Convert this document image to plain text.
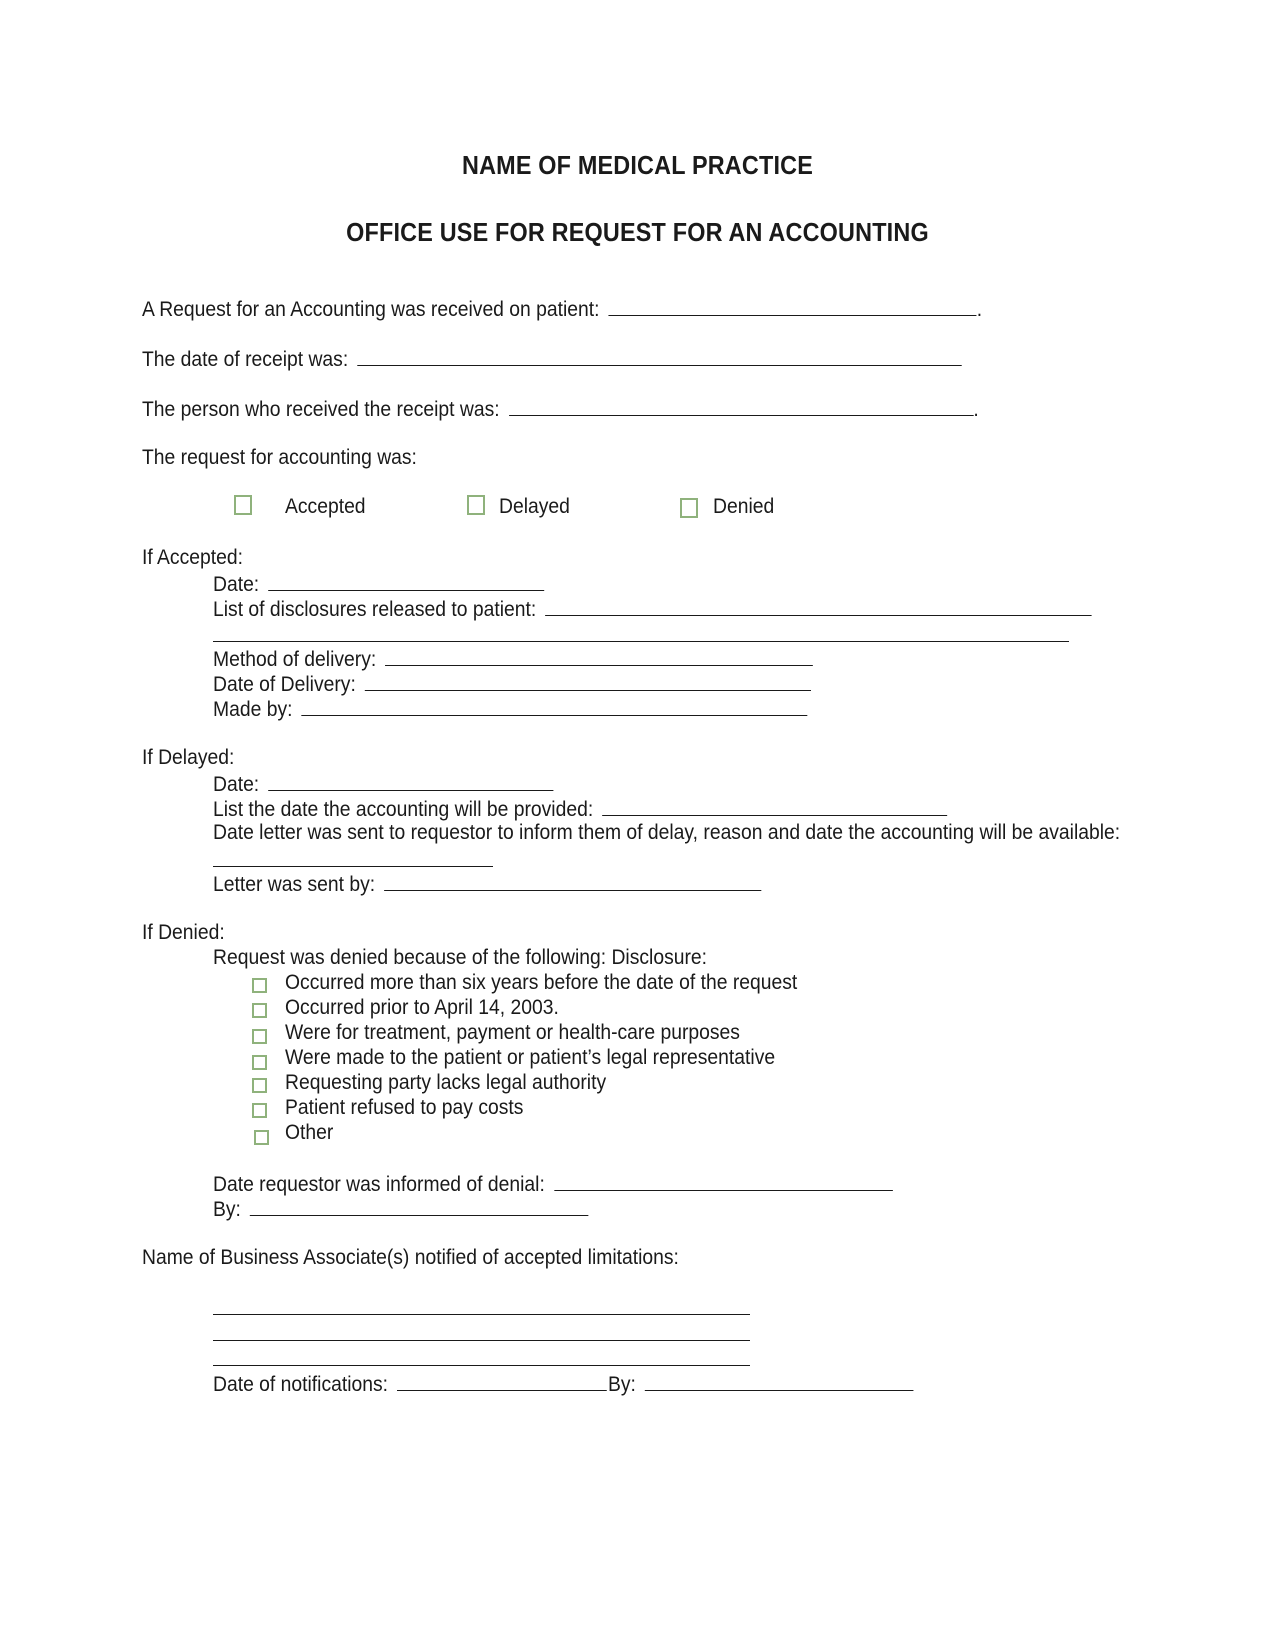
NAME OF MEDICAL PRACTICE
OFFICE USE FOR REQUEST FOR AN ACCOUNTING
A Request for an Accounting was received on patient:	.
The date of receipt was:
The person who received the receipt was:	.
The request for accounting was:
Accepted	Delayed	Denied
If Accepted:
Date:
List of disclosures released to patient:
Method of delivery:
Date of Delivery:
Made by:
If Delayed:
Date:
List the date the accounting will be provided:
Date letter was sent to requestor to inform them of delay, reason and date the accounting will be available:
Letter was sent by:
If Denied:
Request was denied because of the following: Disclosure:
Occurred more than six years before the date of the request
Occurred prior to April 14, 2003.
Were for treatment, payment or health-care purposes
Were made to the patient or patient’s legal representative
Requesting party lacks legal authority
Patient refused to pay costs
Other
Date requestor was informed of denial:
By:
Name of Business Associate(s) notified of accepted limitations:
Date of notifications:	By:
